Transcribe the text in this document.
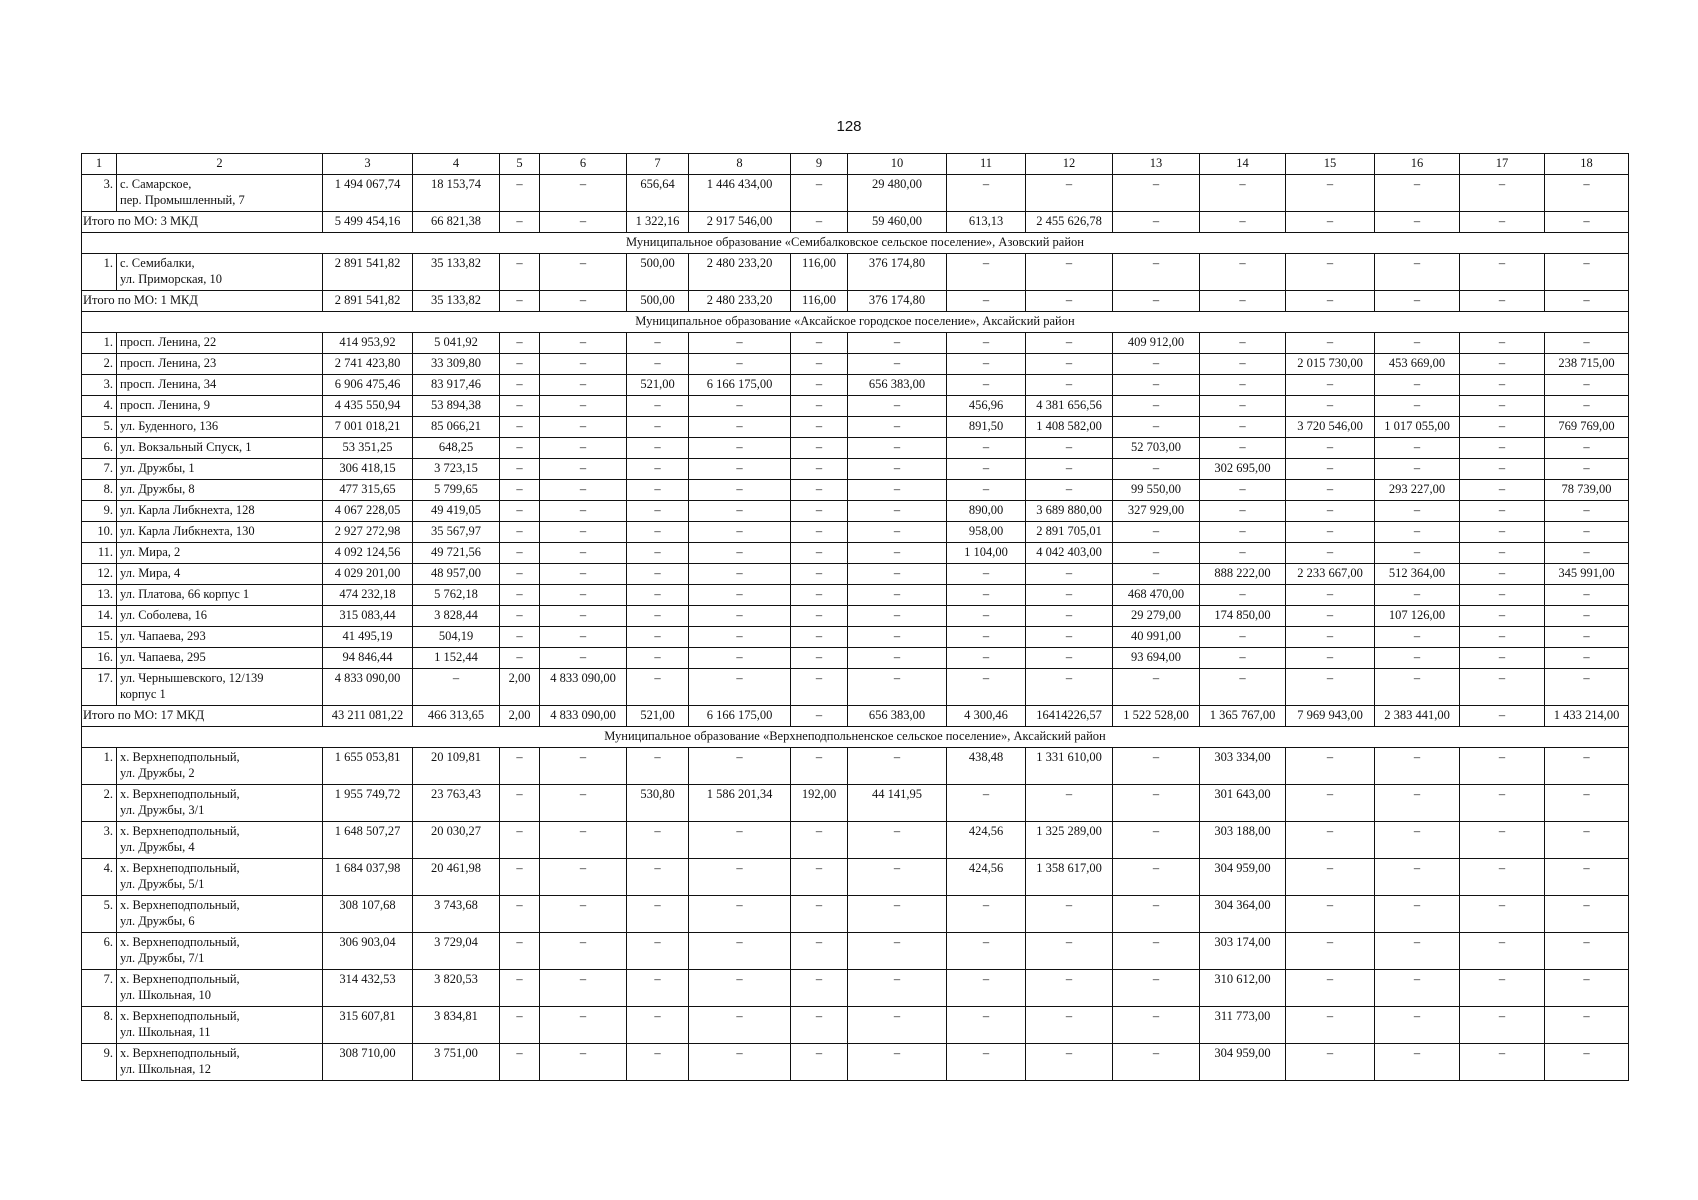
128
1	2	3	4	5	6	7	8	9	10	11	12	13	14	15	16	17	18
3.	с. Самарское,
пер. Промышленный, 7	1 494 067,74	18 153,74	–	–	656,64	1 446 434,00	–	29 480,00	–	–	–	–	–	–	–	–
Итого по МО: 3 МКД		5 499 454,16	66 821,38	–	–	1 322,16	2 917 546,00	–	59 460,00	613,13	2 455 626,78	–	–	–	–	–	–
Муниципальное образование «Семибалковское сельское поселение», Азовский район																	
1.	с. Семибалки,
ул. Приморская, 10	2 891 541,82	35 133,82	–	–	500,00	2 480 233,20	116,00	376 174,80	–	–	–	–	–	–	–	–
Итого по МО: 1 МКД		2 891 541,82	35 133,82	–	–	500,00	2 480 233,20	116,00	376 174,80	–	–	–	–	–	–	–	–
Муниципальное образование «Аксайское городское поселение», Аксайский район																	
1.	просп. Ленина, 22	414 953,92	5 041,92	–	–	–	–	–	–	–	–	409 912,00	–	–	–	–	–
2.	просп. Ленина, 23	2 741 423,80	33 309,80	–	–	–	–	–	–	–	–	–	–	2 015 730,00	453 669,00	–	238 715,00
3.	просп. Ленина, 34	6 906 475,46	83 917,46	–	–	521,00	6 166 175,00	–	656 383,00	–	–	–	–	–	–	–	–
4.	просп. Ленина, 9	4 435 550,94	53 894,38	–	–	–	–	–	–	456,96	4 381 656,56	–	–	–	–	–	–
5.	ул. Буденного, 136	7 001 018,21	85 066,21	–	–	–	–	–	–	891,50	1 408 582,00	–	–	3 720 546,00	1 017 055,00	–	769 769,00
6.	ул. Вокзальный Спуск, 1	53 351,25	648,25	–	–	–	–	–	–	–	–	52 703,00	–	–	–	–	–
7.	ул. Дружбы, 1	306 418,15	3 723,15	–	–	–	–	–	–	–	–	–	302 695,00	–	–	–	–
8.	ул. Дружбы, 8	477 315,65	5 799,65	–	–	–	–	–	–	–	–	99 550,00	–	–	293 227,00	–	78 739,00
9.	ул. Карла Либкнехта, 128	4 067 228,05	49 419,05	–	–	–	–	–	–	890,00	3 689 880,00	327 929,00	–	–	–	–	–
10.	ул. Карла Либкнехта, 130	2 927 272,98	35 567,97	–	–	–	–	–	–	958,00	2 891 705,01	–	–	–	–	–	–
11.	ул. Мира, 2	4 092 124,56	49 721,56	–	–	–	–	–	–	1 104,00	4 042 403,00	–	–	–	–	–	–
12.	ул. Мира, 4	4 029 201,00	48 957,00	–	–	–	–	–	–	–	–	–	888 222,00	2 233 667,00	512 364,00	–	345 991,00
13.	ул. Платова, 66 корпус 1	474 232,18	5 762,18	–	–	–	–	–	–	–	–	468 470,00	–	–	–	–	–
14.	ул. Соболева, 16	315 083,44	3 828,44	–	–	–	–	–	–	–	–	29 279,00	174 850,00	–	107 126,00	–	–
15.	ул. Чапаева, 293	41 495,19	504,19	–	–	–	–	–	–	–	–	40 991,00	–	–	–	–	–
16.	ул. Чапаева, 295	94 846,44	1 152,44	–	–	–	–	–	–	–	–	93 694,00	–	–	–	–	–
17.	ул. Чернышевского, 12/139
корпус 1	4 833 090,00	–	2,00	4 833 090,00	–	–	–	–	–	–	–	–	–	–	–	–
Итого по МО: 17 МКД		43 211 081,22	466 313,65	2,00	4 833 090,00	521,00	6 166 175,00	–	656 383,00	4 300,46	16414226,57	1 522 528,00	1 365 767,00	7 969 943,00	2 383 441,00	–	1 433 214,00
Муниципальное образование «Верхнеподпольненское сельское поселение», Аксайский район																	
1.	х. Верхнеподпольный,
ул. Дружбы, 2	1 655 053,81	20 109,81	–	–	–	–	–	–	438,48	1 331 610,00	–	303 334,00	–	–	–	–
2.	х. Верхнеподпольный,
ул. Дружбы, 3/1	1 955 749,72	23 763,43	–	–	530,80	1 586 201,34	192,00	44 141,95	–	–	–	301 643,00	–	–	–	–
3.	х. Верхнеподпольный,
ул. Дружбы, 4	1 648 507,27	20 030,27	–	–	–	–	–	–	424,56	1 325 289,00	–	303 188,00	–	–	–	–
4.	х. Верхнеподпольный,
ул. Дружбы, 5/1	1 684 037,98	20 461,98	–	–	–	–	–	–	424,56	1 358 617,00	–	304 959,00	–	–	–	–
5.	х. Верхнеподпольный,
ул. Дружбы, 6	308 107,68	3 743,68	–	–	–	–	–	–	–	–	–	304 364,00	–	–	–	–
6.	х. Верхнеподпольный,
ул. Дружбы, 7/1	306 903,04	3 729,04	–	–	–	–	–	–	–	–	–	303 174,00	–	–	–	–
7.	х. Верхнеподпольный,
ул. Школьная, 10	314 432,53	3 820,53	–	–	–	–	–	–	–	–	–	310 612,00	–	–	–	–
8.	х. Верхнеподпольный,
ул. Школьная, 11	315 607,81	3 834,81	–	–	–	–	–	–	–	–	–	311 773,00	–	–	–	–
9.	х. Верхнеподпольный,
ул. Школьная, 12	308 710,00	3 751,00	–	–	–	–	–	–	–	–	–	304 959,00	–	–	–	–
